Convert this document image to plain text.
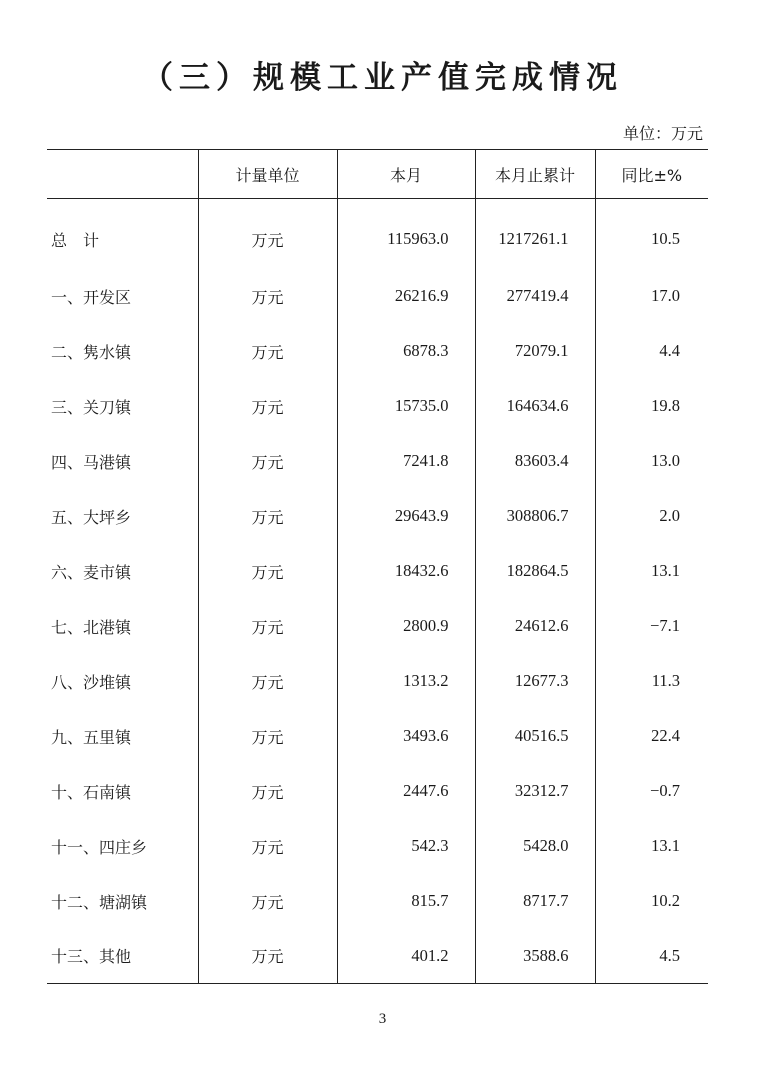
（三）规模工业产值完成情况
单位：万元
	计量单位	本月	本月止累计	同比±%
总　计	万元	115963.0	1217261.1	10.5
一、开发区	万元	26216.9	277419.4	17.0
二、隽水镇	万元	6878.3	72079.1	4.4
三、关刀镇	万元	15735.0	164634.6	19.8
四、马港镇	万元	7241.8	83603.4	13.0
五、大坪乡	万元	29643.9	308806.7	2.0
六、麦市镇	万元	18432.6	182864.5	13.1
七、北港镇	万元	2800.9	24612.6	−7.1
八、沙堆镇	万元	1313.2	12677.3	11.3
九、五里镇	万元	3493.6	40516.5	22.4
十、石南镇	万元	2447.6	32312.7	−0.7
十一、四庄乡	万元	542.3	5428.0	13.1
十二、塘湖镇	万元	815.7	8717.7	10.2
十三、其他	万元	401.2	3588.6	4.5
3
